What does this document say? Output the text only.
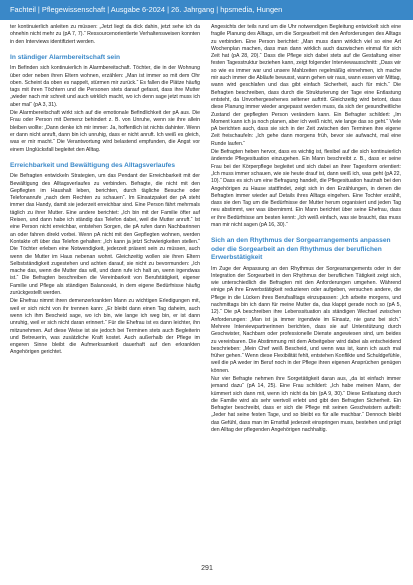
Fachteil | Pflegewissenschaft | Ausgabe 6-2024 | 26. Jahrgang | hpsmedia, Hungen

ter kontinuierlich anleiten zu müssen: „Jetzt liegt da dick dahin, jetzt sehe ich da ohnehin nicht mehr zu (pA 7, 7).“ Ressourcenorientierte Verhaltensweisen konnten in den Interviews identifiziert werden.

In ständiger Alarmbereitschaft sein

Im Befinden sich kontinuierlich in Alarmbereitschaft. Töchter, die in der Wohnung über oder neben ihren Eltern wohnen, erzählen: „Man ist immer so mit dem Ohr oben. Scheint da oben es nappelt, stürmen mir zurück.“ Es fallen die Plätze häufig tags mit ihren Töchtern und die Personen stets darauf gefasst, dass ihre Mutter „wieder nach mir schreit und auch wirklich macht, wo ich denn sage jetzt muss ich aber mal“ (pA 3, 31).

Die Alarmbereitschaft wirkt sich auf die emotionale Befindlichkeit der pA aus. Die Frau oder Person mit Demenz behindert z. B. von Unruhe, wenn sie ihre allein bleiben wollte: „Dann denke ich mir immer: Ja, hoffentlich ist nichts dahinter. Wenn er dann nicht anruft, dann bin ich unruhig, dass er nicht anruft. Ich weiß es gleich, was er mir macht.“ Die Verantwortung wird belastend empfunden, die Angst vor einem Unglücksfall begleitet den Alltag.

Erreichbarkeit und Bewältigung des Alltagsverlaufes

Die Befragten entwickeln Strategien, um das Pendant der Erreichbarkeit mit der Bewältigung des Alltagsverlaufes zu verbinden. Befragte, die nicht mit den Gepflegten im Haushalt leben, berichten, durch tägliche Besuche oder Telefonanrufe „nach dem Rechten zu schauen“. Im Einsatzpaket der pA steht immer das Handy, damit sie jederzeit erreichbar sind. Eine Person fährt mehrmals täglich zu ihrer Mutter. Eine andere berichtet: „Ich bin mit der Familie öfter auf Reisen, und dann habe ich ständig das Telefon dabei, weil die Mutter anruft.“ Ist eine Person nicht erreichbar, entstehen Sorgen, die pA rufen dann Nachbarinnen an oder fahren direkt vorbei. Wenn pA nicht mit den Gepflegten wohnen, werden Kontakte oft über das Telefon gehalten: „Ich kann ja jetzt Schwierigkeiten stellen.“ Die Töchter erleben eine Notwendigkeit, jederzeit präsent sein zu müssen, auch wenn die Mutter im Haus nebenan wohnt. Gleichzeitig wollen sie ihren Eltern Selbstständigkeit zugestehen und achten darauf, sie nicht zu bevormunden: „Ich mache das, wenn die Mutter das will, und dann rufe ich halt an, wenn irgendwas ist.“ Die Befragten beschreiben die Vereinbarkeit von Berufstätigkeit, eigener Familie und Pflege als ständigen Balanceakt, in dem eigene Bedürfnisse häufig zurückgestellt werden.

Die Ehefrau nimmt ihren demenzerkrankten Mann zu wichtigen Erledigungen mit, weil er sich nicht von ihr trennen kann: „Er bleibt dann einen Tag daheim, auch wenn ich ihm Bescheid sage, wo ich bin, wie lange ich weg bin, er ist dann unruhig, weil er sich nicht daran erinnert.“ Für die Ehefrau ist es dann leichter, ihn mitzunehmen. Auf diese Weise ist sie jedoch bei Terminen stets auch Begleiterin und Betreuerin, was zusätzliche Kraft kostet. Auch außerhalb der Pflege im engeren Sinne bleibt die Aufmerksamkeit dauerhaft auf den erkrankten Angehörigen gerichtet.

Angesichts der teils rund um die Uhr notwendigen Begleitung entwickelt sich eine fragile Planung des Alltags, um die Sorgearbeit mit den Anforderungen des Alltags zu verbinden. Eine Person berichtet: „Man muss dann wirklich viel so eine Art Wochenplan machen, dass man dann wirklich auch dazwischen einmal für sich Zeit hat (pA 28, 20).“ Dass die Pflege sich dabei stets auf die Gestaltung einer festen Tagesstruktur beziehen kann, zeigt folgender Interviewausschnitt: „Dass wir so wie es immer war und unsere Mahlzeiten regelmäßig einnehmen, ich mache mir auch immer die Abläufe bewusst, wann gehen wir raus, wann essen wir Mittag, wann wird geschlafen und das gibt einfach Sicherheit, auch für mich.“ Die Befragten beschreiben, dass durch die Strukturierung der Tage eine Entlastung entsteht, da Unvorhergesehenes seltener auftritt. Gleichzeitig wird betont, dass diese Planung immer wieder angepasst werden muss, da sich der gesundheitliche Zustand der gepflegten Person verändern kann. Ein Befragter schildert: „Im Moment kann ich ja noch planen, aber ich weiß nicht, wie lange das so geht.“ Viele pA berichten auch, dass sie sich in der Zeit zwischen den Terminen ihre eigene Zeit freischaufeln: „Ich gehe dann morgens früh, bevor sie aufwacht, mal eine Runde laufen.“

Die Befragten heben hervor, dass es wichtig ist, flexibel auf die sich kontinuierlich ändernde Pflegesituation einzugehen. Ein Mann beschreibt z. B., dass er seine Frau bei der Körperpflege begleitet und sich dabei an ihrer Tagesform orientiert: „Ich muss immer schauen, wie sie heute drauf ist, dann weiß ich, was geht (pA 22, 10).“ Dass es sich um eine Befragung handelt, die Pflegesituation hautnah bei den Angehörigen zu Hause stattfindet, zeigt sich in den Erzählungen, in denen die Befragten immer wieder auf Details ihres Alltags eingehen. Eine Tochter erzählt, dass sie den Tag um die Bedürfnisse der Mutter herum organisiert und jeden Tag neu abstimmt, wer was übernimmt. Ein Mann berichtet über seine Ehefrau, dass er ihre Bedürfnisse am besten kennt: „Ich weiß einfach, was sie braucht, das muss man mir nicht sagen (pA 16, 30).“

Sich an den Rhythmus der Sorgearrangements anpassen oder die Sorgearbeit an den Rhythmus der beruflichen Erwerbstätigkeit

Im Zuge der Anpassung an den Rhythmus der Sorgearrangements oder in der Integration der Sorgearbeit in den Rhythmus der beruflichen Tätigkeit zeigt sich, wie unterschiedlich die Befragten mit den Anforderungen umgehen. Während einige pA ihre Erwerbstätigkeit reduzieren oder aufgeben, versuchen andere, die Pflege in die Lücken ihres Berufsalltags einzupassen: „Ich arbeite morgens, und nachmittags bin ich dann für meine Mutter da, das klappt gerade noch so (pA 5, 12).“ Die pA beschreiben ihre Lebenssituation als ständigen Wechsel zwischen Anforderungen: „Man ist ja immer irgendwie im Einsatz, nie ganz bei sich.“ Mehrere Interviewpartnerinnen berichten, dass sie auf Unterstützung durch Geschwister, Nachbarn oder professionelle Dienste angewiesen sind, um beides zu vereinbaren. Die Abstimmung mit dem Arbeitgeber wird dabei als entscheidend beschrieben: „Mein Chef weiß Bescheid, und wenn was ist, kann ich auch mal früher gehen.“ Wenn diese Flexibilität fehlt, entstehen Konflikte und Schuldgefühle, weil die pA weder im Beruf noch in der Pflege ihren eigenen Ansprüchen genügen können.

Nur vier Befragte nehmen ihre Sorgetätigkeit daran aus, „da ist einfach immer jemand dazu“ (pA 14, 25). Eine Frau schildert: „Ich habe meinen Mann, der kümmert sich dann mit, wenn ich nicht da bin (pA 9, 30).“ Diese Entlastung durch die Familie wird als sehr wertvoll erlebt und gibt den Befragten Sicherheit. Ein Befragter beschreibt, dass er sich die Pflege mit seinen Geschwistern aufteilt: „Jeder hat seine festen Tage, und so bleibt es für alle machbar.“ Dennoch bleibt das Gefühl, dass man im Ernstfall jederzeit einspringen muss, bestehen und prägt den Alltag der pflegenden Angehörigen nachhaltig.

291
